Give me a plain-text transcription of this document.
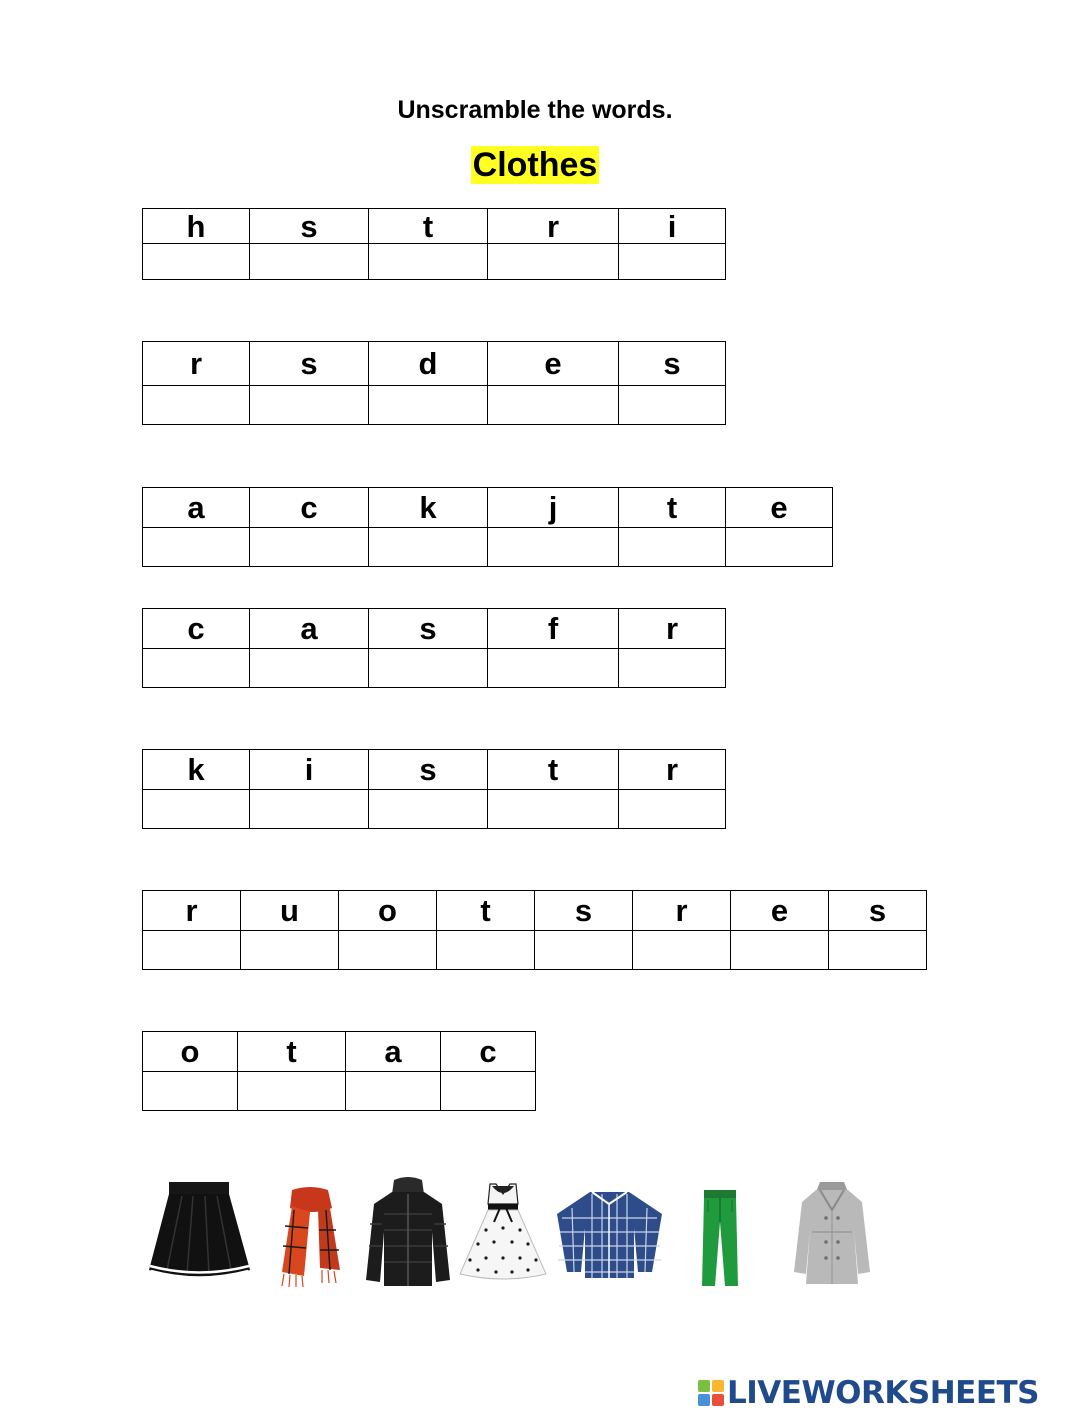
Unscramble the words.
Clothes
h	s	t	r	i

r	s	d	e	s

a	c	k	j	t	e

c	a	s	f	r

k	i	s	t	r

r	u	o	t	s	r	e	s

o	t	a	c

LIVEWORKSHEETS
